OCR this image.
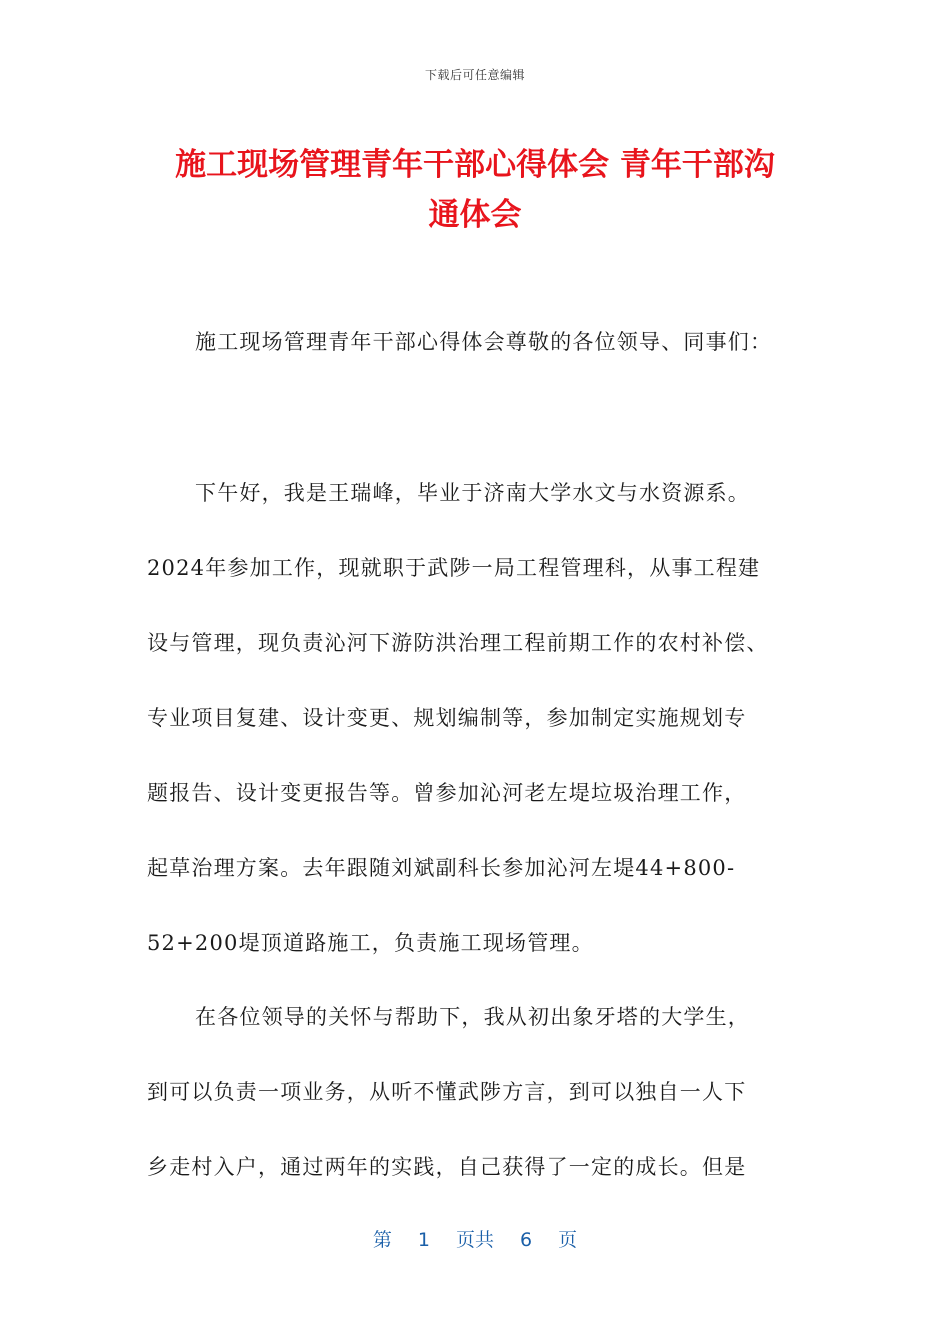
下载后可任意编辑
施工现场管理青年干部心得体会 青年干部沟
通体会
施工现场管理青年干部心得体会尊敬的各位领导、同事们：
下午好，我是王瑞峰，毕业于济南大学水文与水资源系。
2024年参加工作，现就职于武陟一局工程管理科，从事工程建
设与管理，现负责沁河下游防洪治理工程前期工作的农村补偿、
专业项目复建、设计变更、规划编制等，参加制定实施规划专
题报告、设计变更报告等。曾参加沁河老左堤垃圾治理工作，
起草治理方案。去年跟随刘斌副科长参加沁河左堤44+800-
52+200堤顶道路施工，负责施工现场管理。
在各位领导的关怀与帮助下，我从初出象牙塔的大学生，
到可以负责一项业务，从听不懂武陟方言，到可以独自一人下
乡走村入户，通过两年的实践，自己获得了一定的成长。但是
第 1 页共 6 页
